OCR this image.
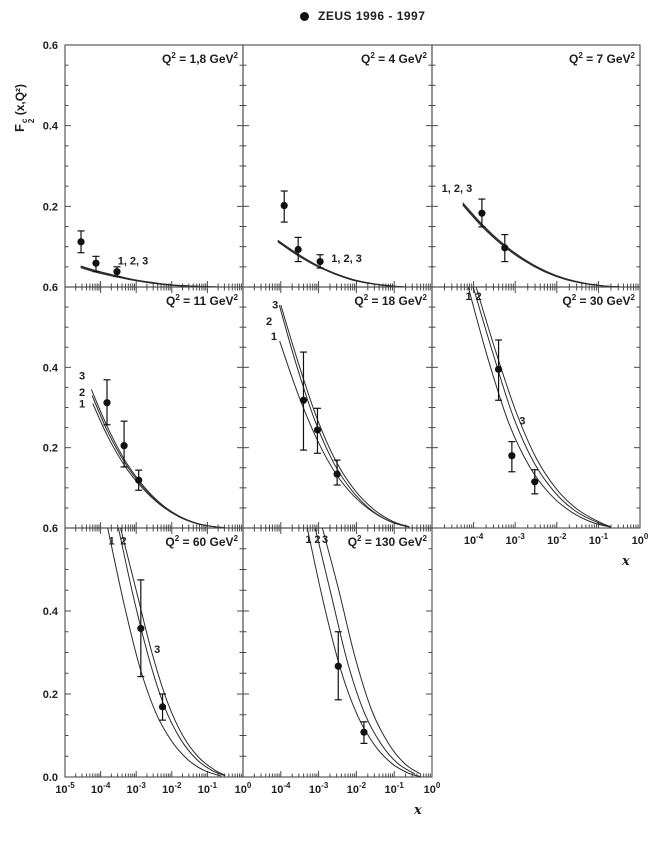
ZEUS 1996 - 1997
F
c
2
(x,Q²)
$Q^2 = 1,8$ GeV$^2$
1, 2, 3
0.6
0.4
0.2
$Q^2 = 4$ GeV$^2$
1, 2, 3
$Q^2 = 7$ GeV$^2$
1, 2, 3
$Q^2 = 11$ GeV$^2$
3
2
1
0.6
0.4
0.2
$Q^2 = 18$ GeV$^2$
3
2
1
$Q^2 = 30$ GeV$^2$
1 2
3
$10^{-4}$ $10^{-3}$ $10^{-2}$ $10^{-1}$ $10^0$
x
$Q^2 = 60$ GeV$^2$
1 2
3
$10^{-5}$ $10^{-4}$ $10^{-3}$ $10^{-2}$ $10^{-1}$ $10^0$
0.6
0.4
0.2
0.0
$Q^2 = 130$ GeV$^2$
1 2 3
$10^{-4}$ $10^{-3}$ $10^{-2}$ $10^{-1}$ $10^0$
x
